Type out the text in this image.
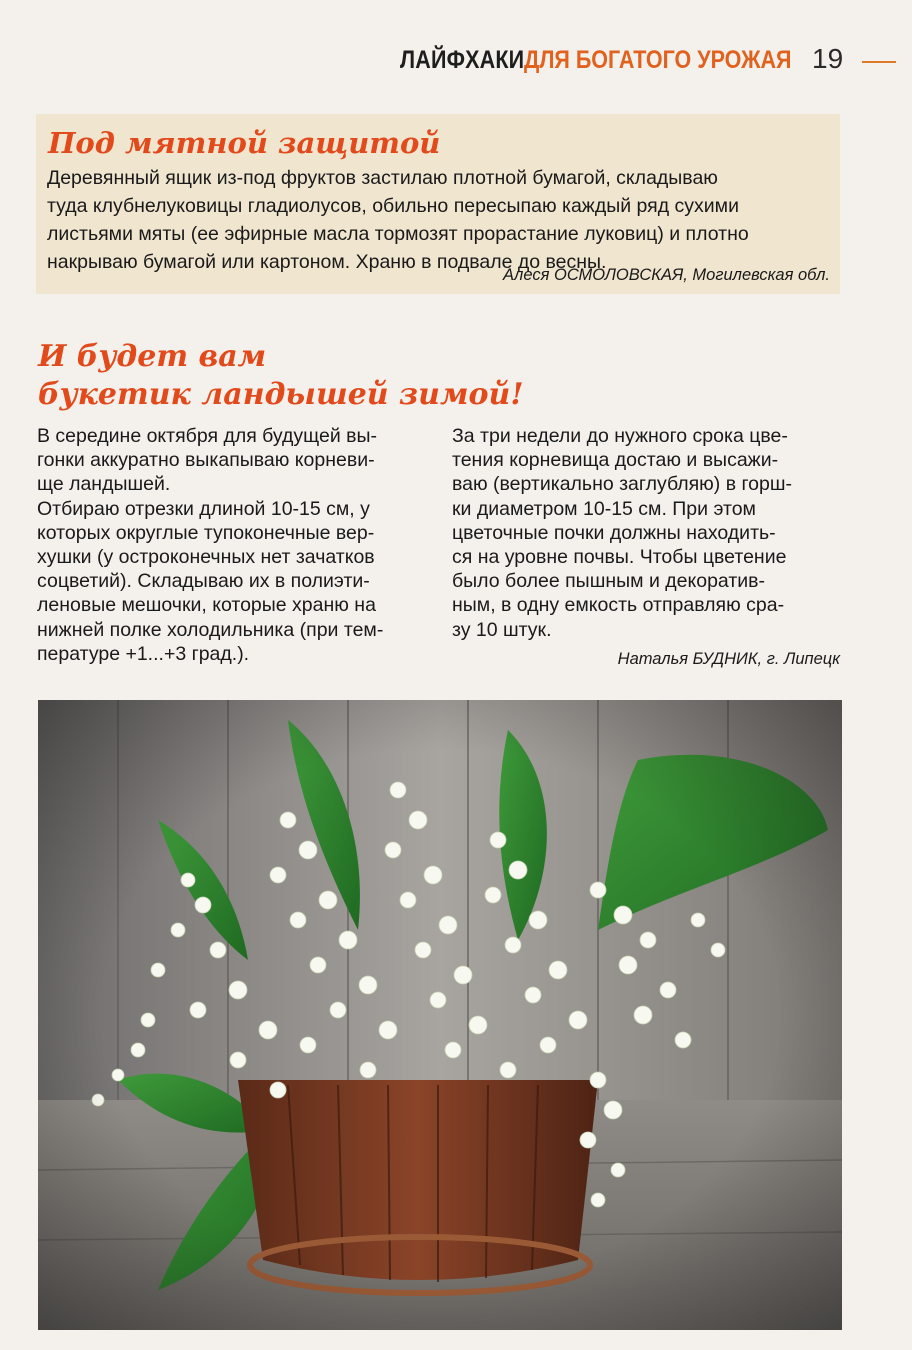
ЛАЙФХАКИ ДЛЯ БОГАТОГО УРОЖАЯ 19
Под мятной защитой
Деревянный ящик из-под фруктов застилаю плотной бумагой, складываю
туда клубнелуковицы гладиолусов, обильно пересыпаю каждый ряд сухими
листьями мяты (ее эфирные масла тормозят прорастание луковиц) и плотно
накрываю бумагой или картоном. Храню в подвале до весны.
Алеся ОСМОЛОВСКАЯ, Могилевская обл.
И будет вам
букетик ландышей зимой!
В середине октября для будущей вы-
гонки аккуратно выкапываю корневи-
ще ландышей.
Отбираю отрезки длиной 10-15 см, у
которых округлые тупоконечные вер-
хушки (у остроконечных нет зачатков
соцветий). Складываю их в полиэти-
леновые мешочки, которые храню на
нижней полке холодильника (при тем-
пературе +1...+3 град.).
За три недели до нужного срока цве-
тения корневища достаю и высажи-
ваю (вертикально заглубляю) в горш-
ки диаметром 10-15 см. При этом
цветочные почки должны находить-
ся на уровне почвы. Чтобы цветение
было более пышным и декоратив-
ным, в одну емкость отправляю сра-
зу 10 штук.
Наталья БУДНИК, г. Липецк
